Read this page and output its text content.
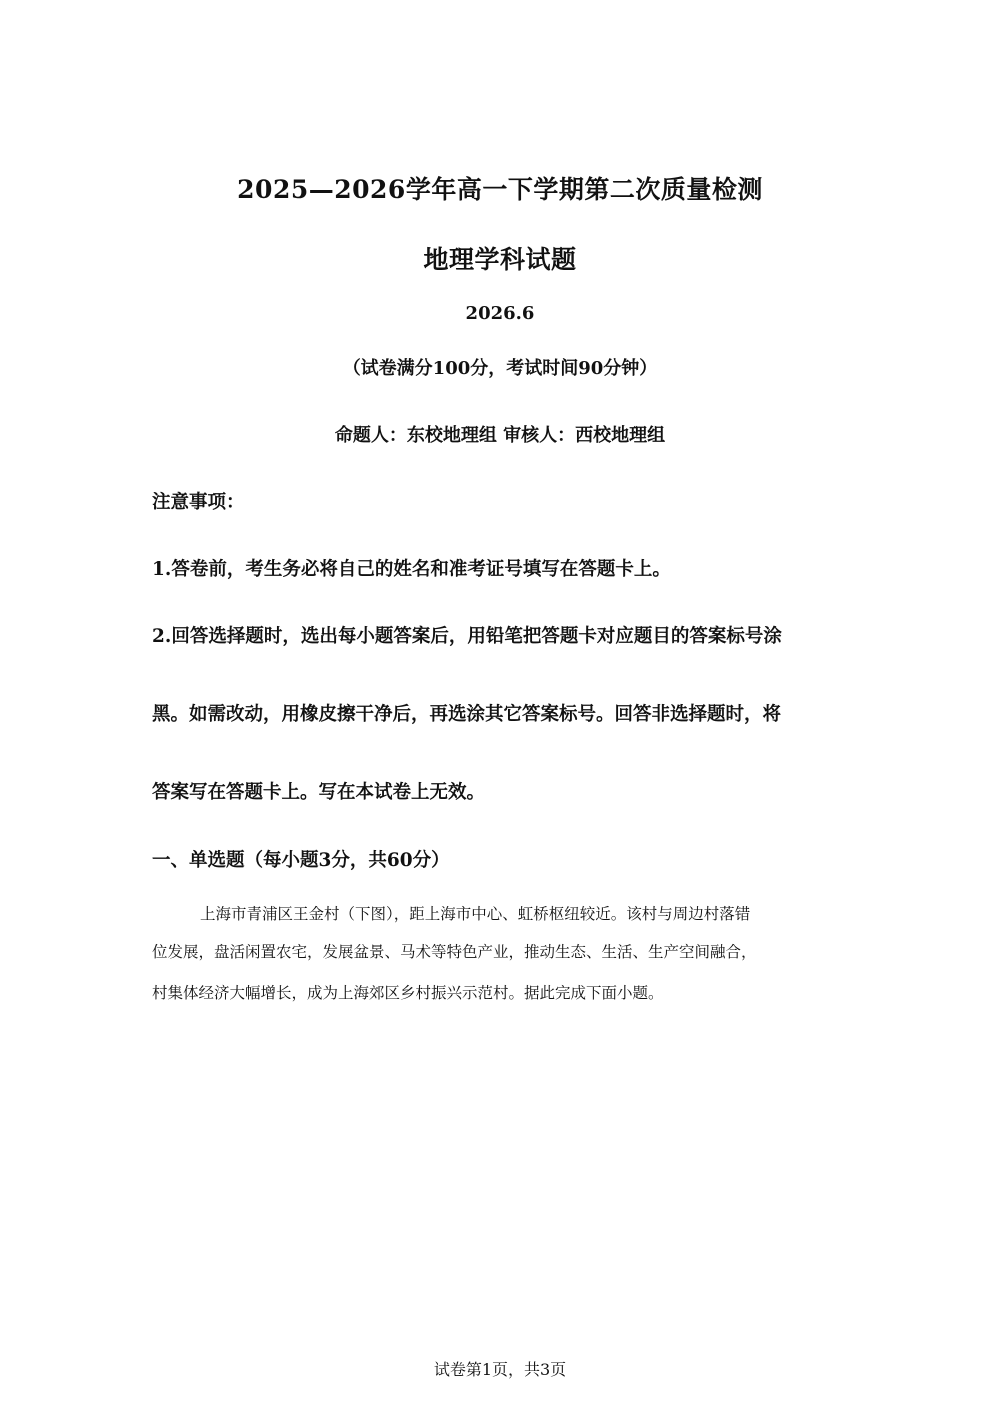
2025—2026学年高一下学期第二次质量检测
地理学科试题
2026.6
（试卷满分100分，考试时间90分钟）
命题人：东校地理组 审核人：西校地理组
注意事项：
1.答卷前，考生务必将自己的姓名和准考证号填写在答题卡上。
2.回答选择题时，选出每小题答案后，用铅笔把答题卡对应题目的答案标号涂
黑。如需改动，用橡皮擦干净后，再选涂其它答案标号。回答非选择题时，将
答案写在答题卡上。写在本试卷上无效。
一、单选题（每小题3分，共60分）
上海市青浦区王金村（下图），距上海市中心、虹桥枢纽较近。该村与周边村落错
位发展，盘活闲置农宅，发展盆景、马术等特色产业，推动生态、生活、生产空间融合，
村集体经济大幅增长，成为上海郊区乡村振兴示范村。据此完成下面小题。
试卷第1页，共3页
